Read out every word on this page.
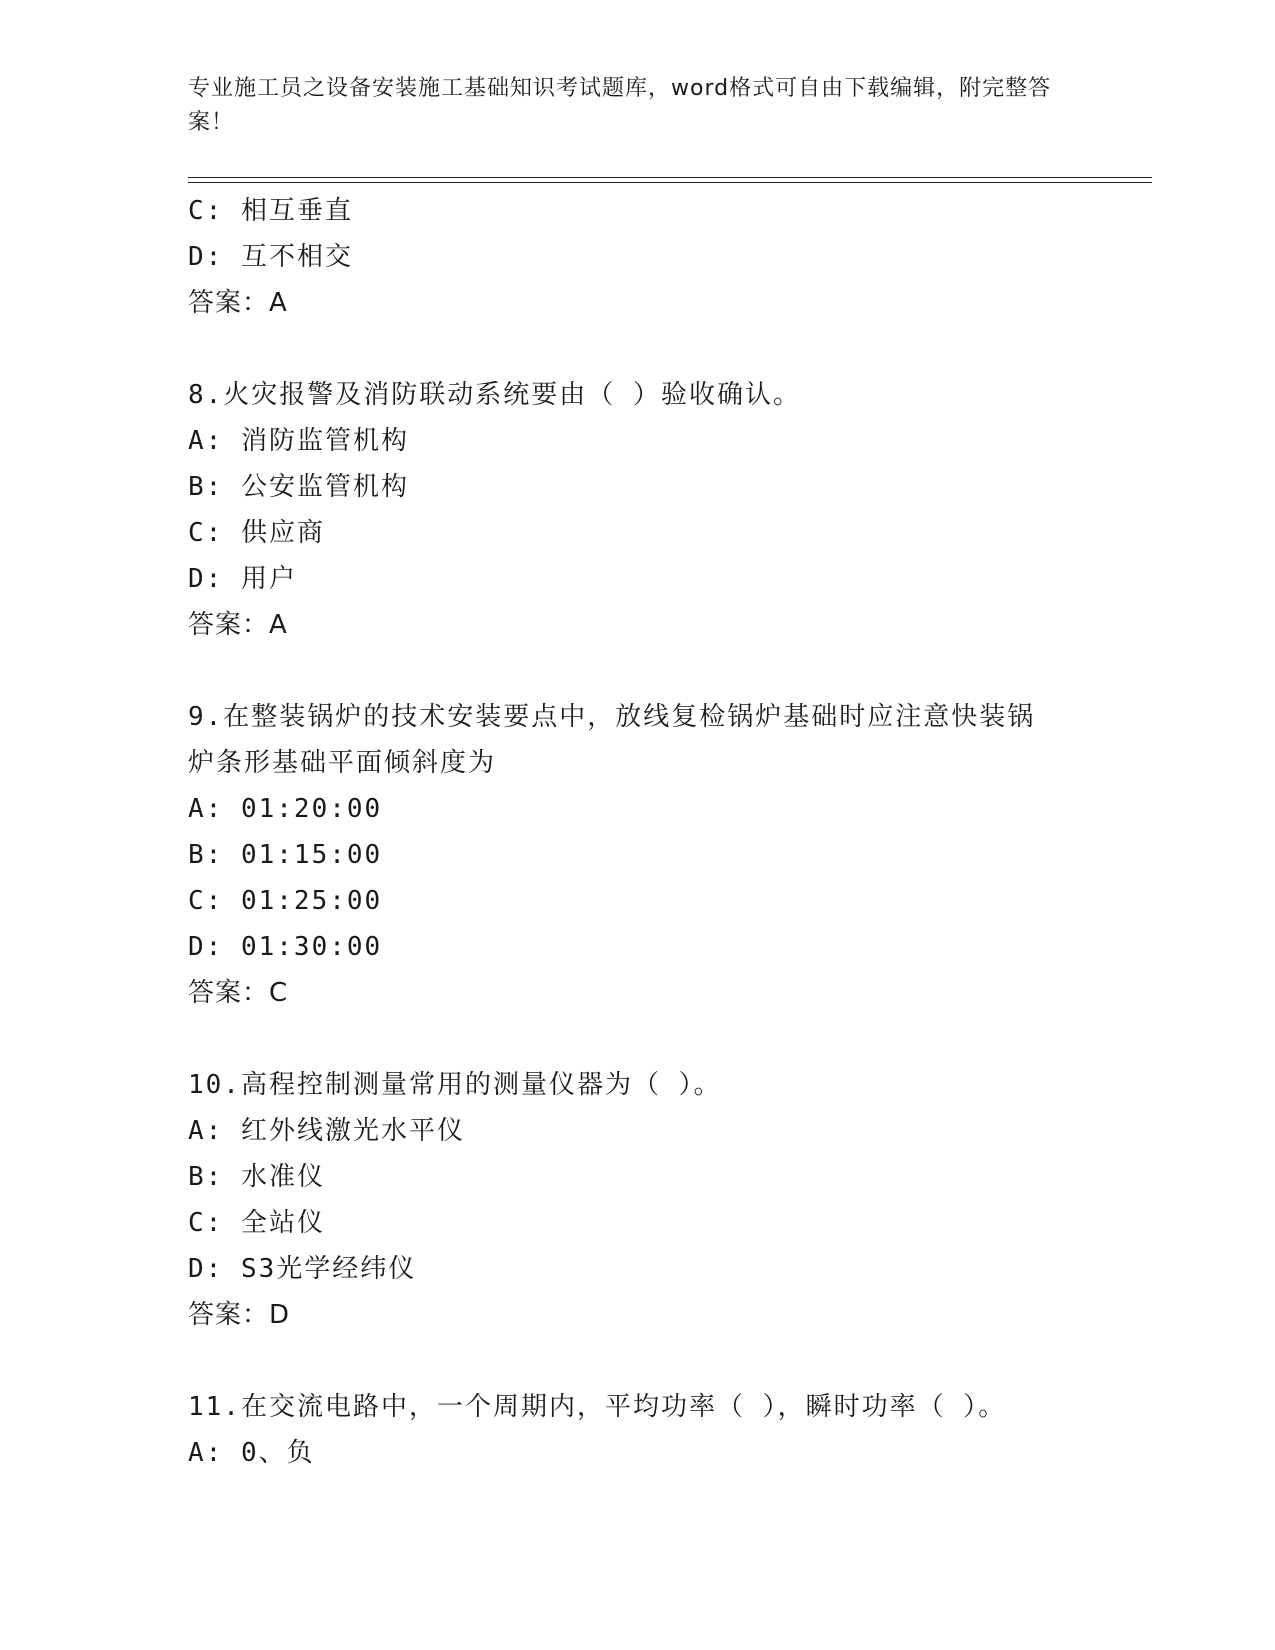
专业施工员之设备安装施工基础知识考试题库，word格式可自由下载编辑，附完整答案！
C: 相互垂直
D: 互不相交
答案：A
8.火灾报警及消防联动系统要由（ ）验收确认。
A: 消防监管机构
B: 公安监管机构
C: 供应商
D: 用户
答案：A
9.在整装锅炉的技术安装要点中，放线复检锅炉基础时应注意快装锅
炉条形基础平面倾斜度为
A: 01:20:00
B: 01:15:00
C: 01:25:00
D: 01:30:00
答案：C
10.高程控制测量常用的测量仪器为（ ）。
A: 红外线激光水平仪
B: 水准仪
C: 全站仪
D: S3光学经纬仪
答案：D
11.在交流电路中，一个周期内，平均功率（ ），瞬时功率（ ）。
A: 0、负
